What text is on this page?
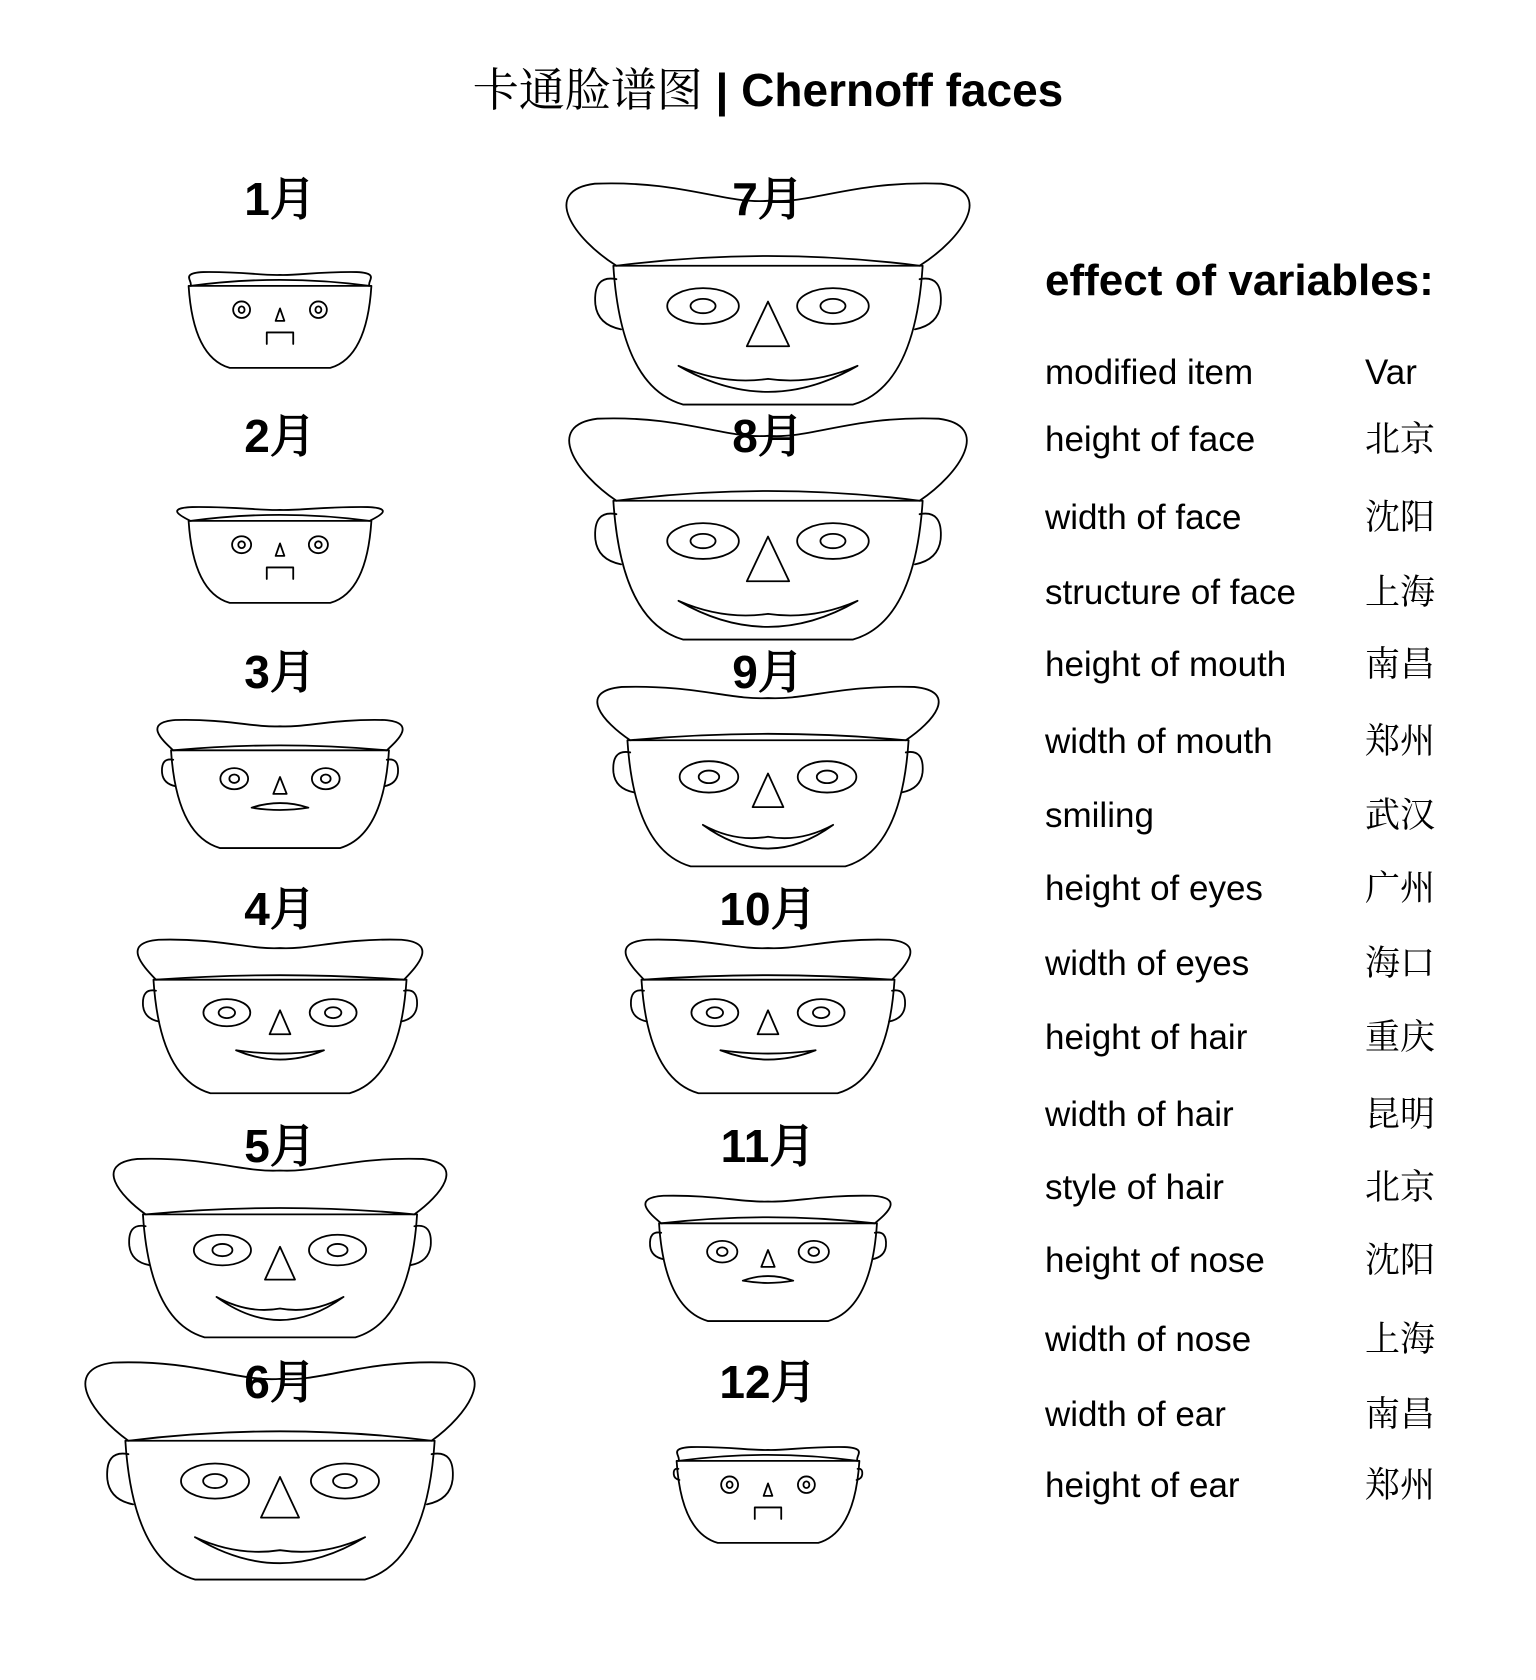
卡通脸谱图 | Chernoff faces
1月
2月
3月
4月
5月
6月
7月
8月
9月
10月
11月
12月
effect of variables:
modified item	Var
height of face	北京
width of face	沈阳
structure of face 上海
height of mouth 南昌
width of mouth	郑州
smiling	武汉
height of eyes	广州
width of eyes	海口
height of hair	重庆
width of hair	昆明
style of hair	北京
height of nose	沈阳
width of nose	上海
width of ear	南昌
height of ear	郑州
